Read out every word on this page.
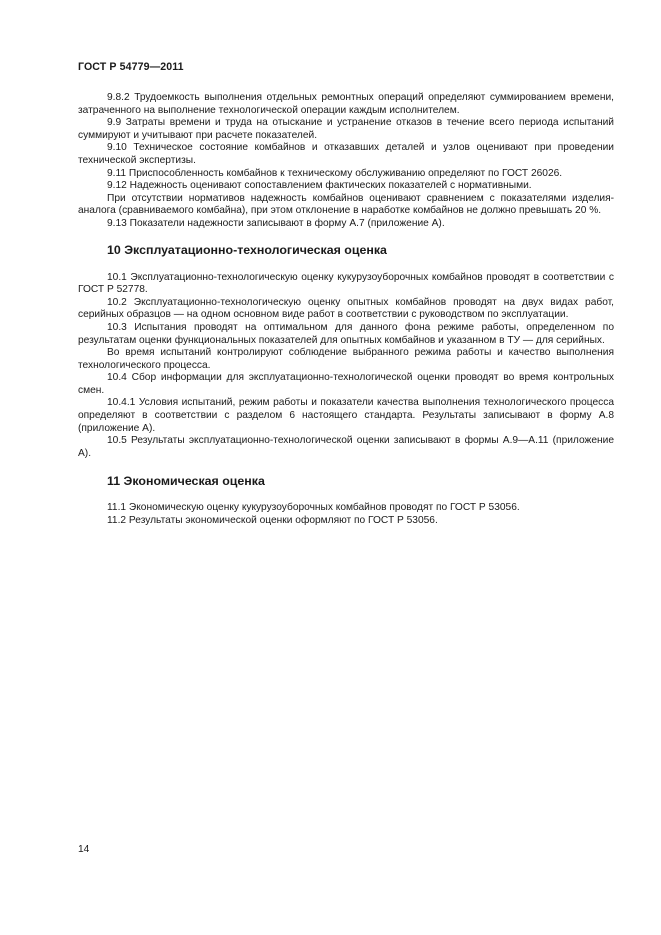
ГОСТ Р 54779—2011

9.8.2 Трудоемкость выполнения отдельных ремонтных операций определяют суммированием времени, затраченного на выполнение технологической операции каждым исполнителем.

9.9 Затраты времени и труда на отыскание и устранение отказов в течение всего периода испытаний суммируют и учитывают при расчете показателей.

9.10 Техническое состояние комбайнов и отказавших деталей и узлов оценивают при проведении технической экспертизы.

9.11 Приспособленность комбайнов к техническому обслуживанию определяют по ГОСТ 26026.

9.12 Надежность оценивают сопоставлением фактических показателей с нормативными.

При отсутствии нормативов надежность комбайнов оценивают сравнением с показателями изделия-аналога (сравниваемого комбайна), при этом отклонение в наработке комбайнов не должно превышать 20 %.

9.13 Показатели надежности записывают в форму А.7 (приложение А).

10 Эксплуатационно-технологическая оценка

10.1 Эксплуатационно-технологическую оценку кукурузоуборочных комбайнов проводят в соответствии с ГОСТ Р 52778.

10.2 Эксплуатационно-технологическую оценку опытных комбайнов проводят на двух видах работ, серийных образцов — на одном основном виде работ в соответствии с руководством по эксплуатации.

10.3 Испытания проводят на оптимальном для данного фона режиме работы, определенном по результатам оценки функциональных показателей для опытных комбайнов и указанном в ТУ — для серийных.

Во время испытаний контролируют соблюдение выбранного режима работы и качество выполнения технологического процесса.

10.4 Сбор информации для эксплуатационно-технологической оценки проводят во время контрольных смен.

10.4.1 Условия испытаний, режим работы и показатели качества выполнения технологического процесса определяют в соответствии с разделом 6 настоящего стандарта. Результаты записывают в форму А.8 (приложение А).

10.5 Результаты эксплуатационно-технологической оценки записывают в формы А.9—А.11 (приложение А).

11 Экономическая оценка

11.1 Экономическую оценку кукурузоуборочных комбайнов проводят по ГОСТ Р 53056.

11.2 Результаты экономической оценки оформляют по ГОСТ Р 53056.

14
